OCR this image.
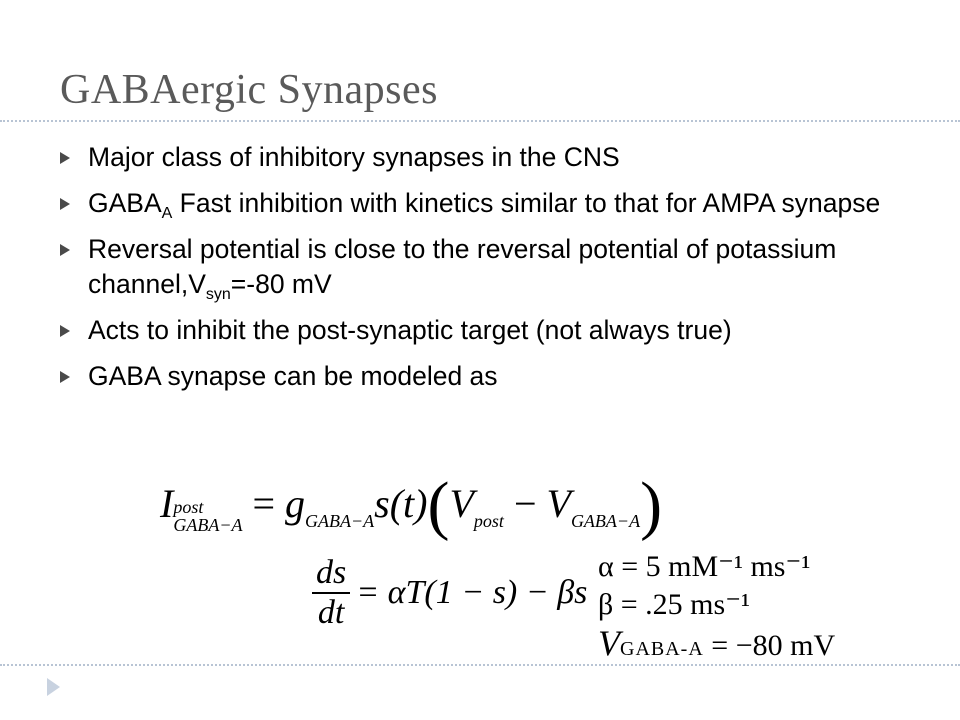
GABAergic Synapses
Major class of inhibitory synapses in the CNS
$GABA_A$ Fast inhibition with kinetics similar to that for AMPA synapse
Reversal potential is close to the reversal potential of potassium $channel,V_{syn}=-80$ mV
Acts to inhibit the post-synaptic target (not always true)
GABA synapse can be modeled as
I post
GABA−A = $g_{GABA-A}s(t)(V_{post} - V_{GABA-A})$
$\frac{ds}{dt} = \alpha T(1 - s) - \beta s$
α = 5 mM⁻¹ ms⁻¹
β = .25 ms⁻¹
VGABA-A = −80 mV
